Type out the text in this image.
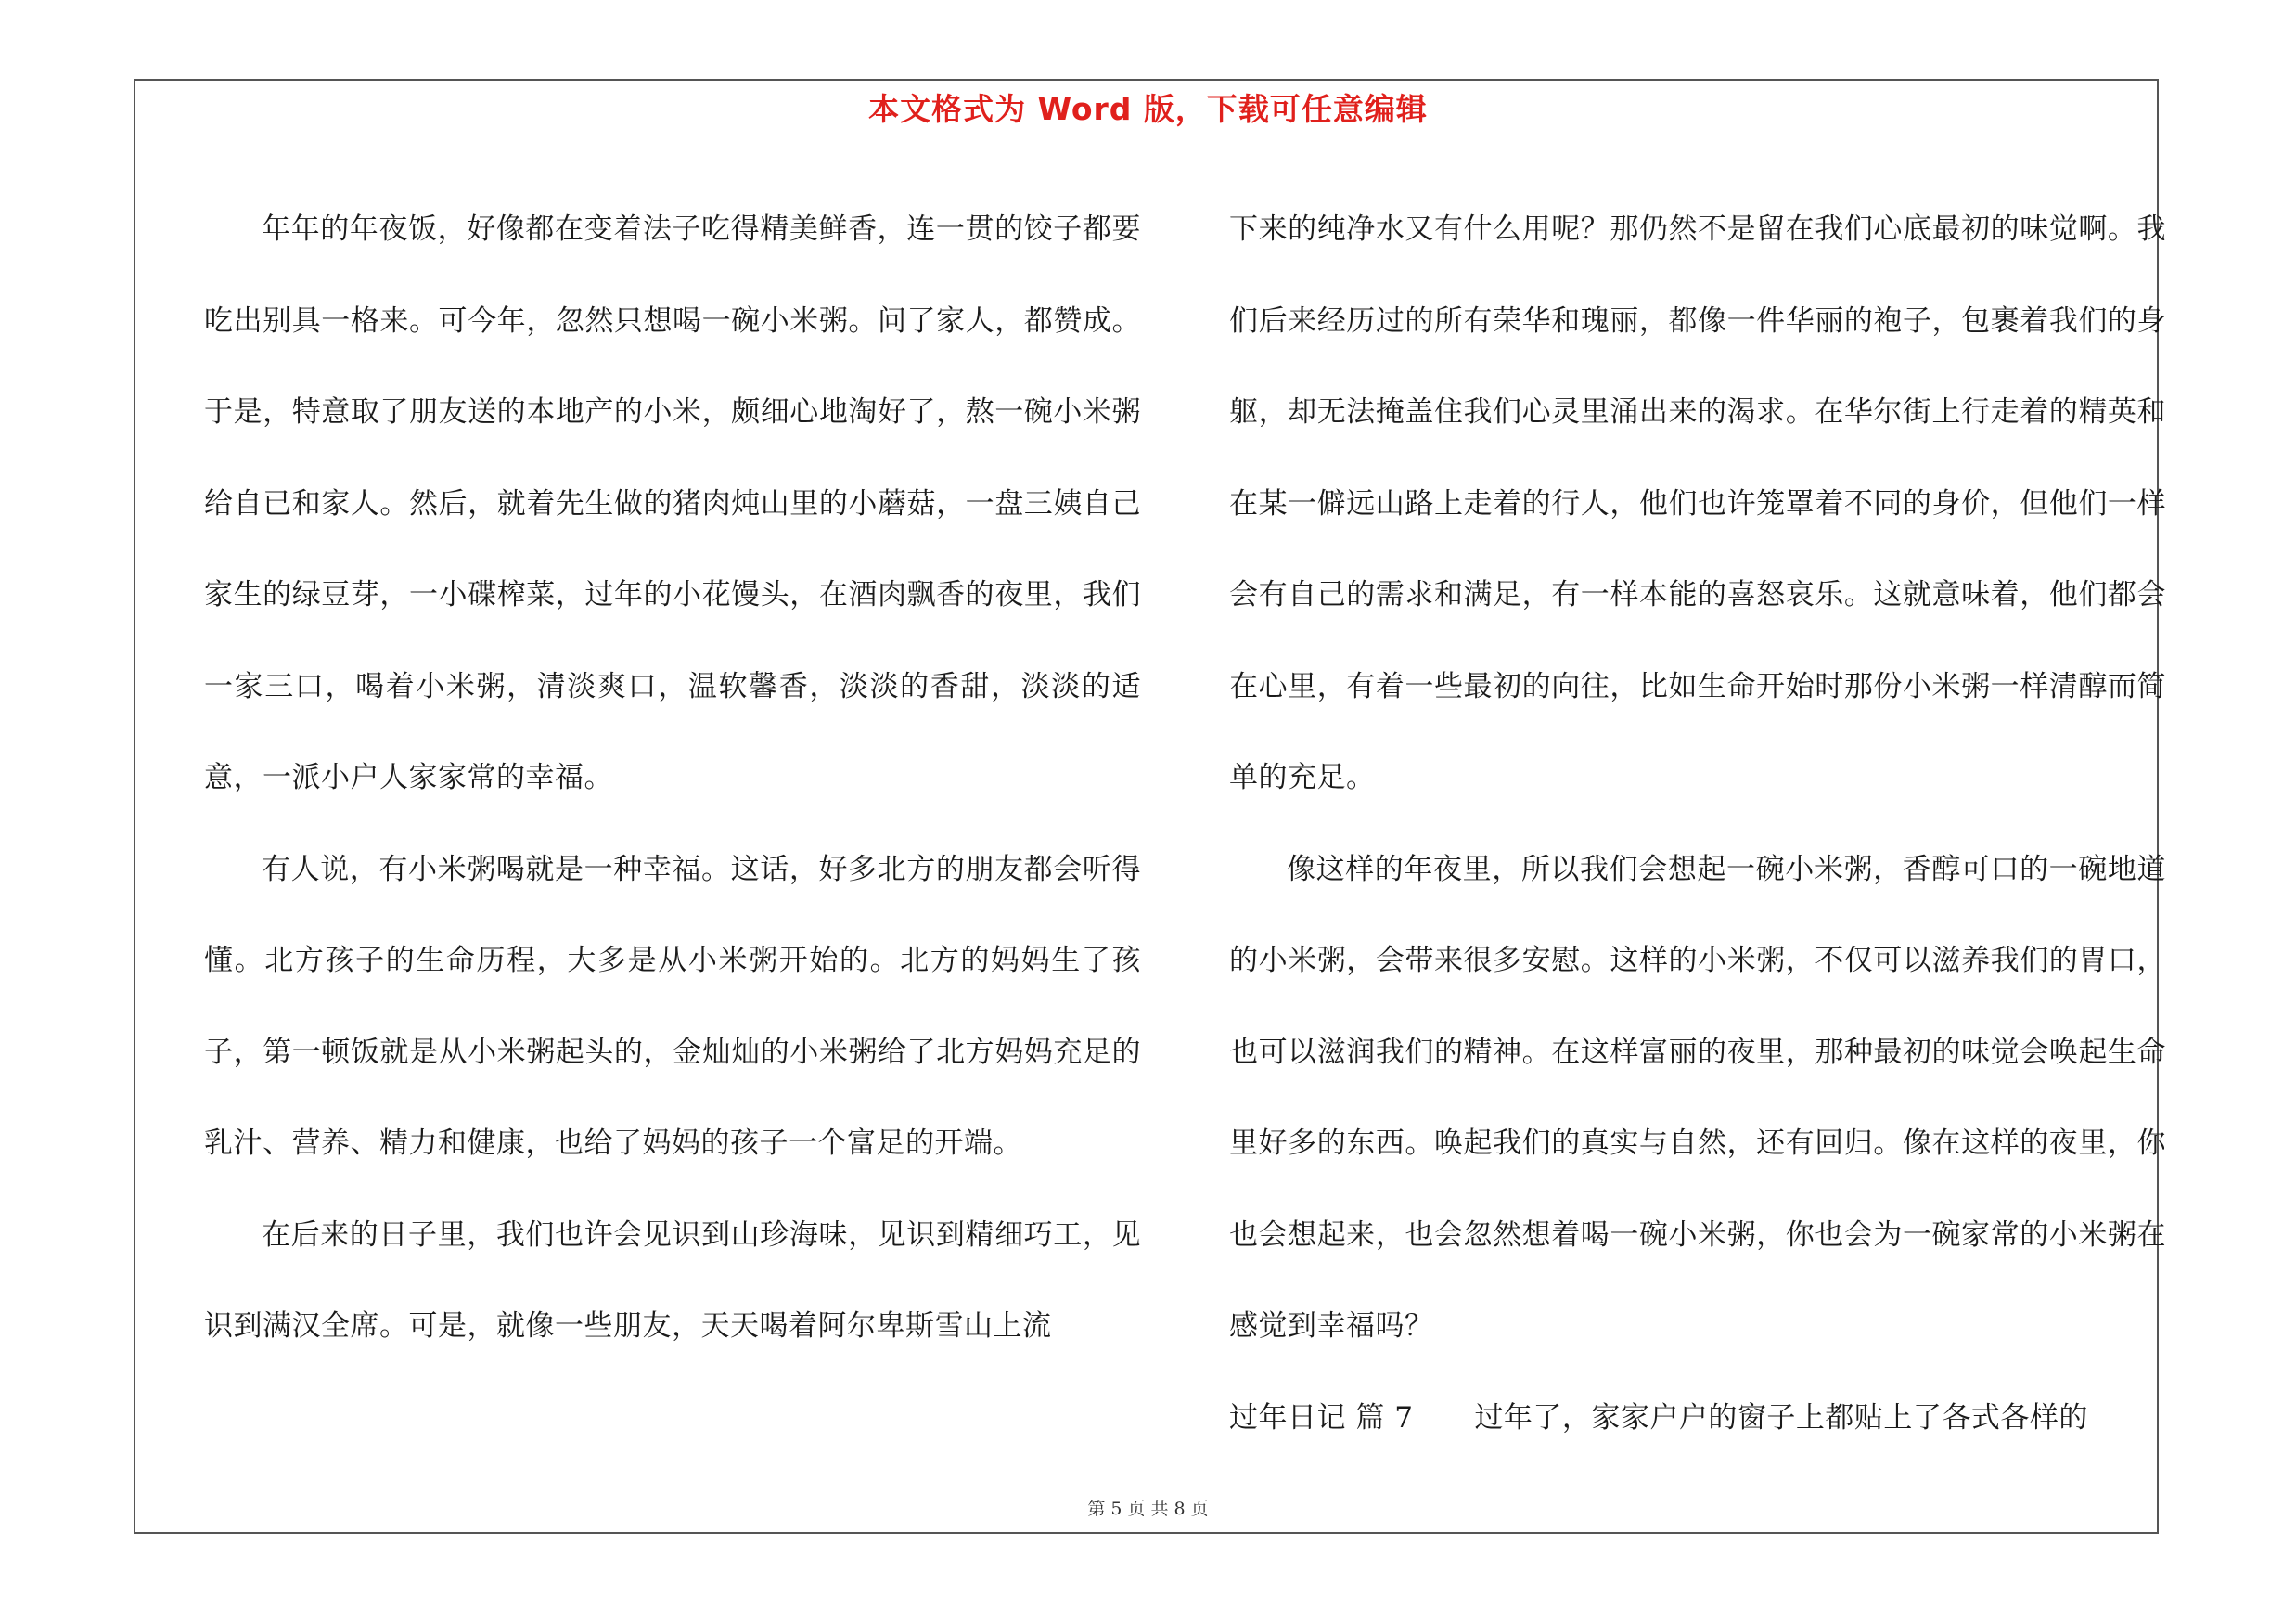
本文格式为 Word 版，下载可任意编辑

年年的年夜饭，好像都在变着法子吃得精美鲜香，连一贯的饺子都要吃出别具一格来。可今年，忽然只想喝一碗小米粥。问了家人，都赞成。于是，特意取了朋友送的本地产的小米，颇细心地淘好了，熬一碗小米粥给自已和家人。然后，就着先生做的猪肉炖山里的小蘑菇，一盘三姨自己家生的绿豆芽，一小碟榨菜，过年的小花馒头，在酒肉飘香的夜里，我们一家三口，喝着小米粥，清淡爽口，温软馨香，淡淡的香甜，淡淡的适意，一派小户人家家常的幸福。

有人说，有小米粥喝就是一种幸福。这话，好多北方的朋友都会听得懂。北方孩子的生命历程，大多是从小米粥开始的。北方的妈妈生了孩子，第一顿饭就是从小米粥起头的，金灿灿的小米粥给了北方妈妈充足的乳汁、营养、精力和健康，也给了妈妈的孩子一个富足的开端。

在后来的日子里，我们也许会见识到山珍海味，见识到精细巧工，见识到满汉全席。可是，就像一些朋友，天天喝着阿尔卑斯雪山上流

下来的纯净水又有什么用呢？那仍然不是留在我们心底最初的味觉啊。我们后来经历过的所有荣华和瑰丽，都像一件华丽的袍子，包裹着我们的身躯，却无法掩盖住我们心灵里涌出来的渴求。在华尔街上行走着的精英和在某一僻远山路上走着的行人，他们也许笼罩着不同的身价，但他们一样会有自己的需求和满足，有一样本能的喜怒哀乐。这就意味着，他们都会在心里，有着一些最初的向往，比如生命开始时那份小米粥一样清醇而简单的充足。

像这样的年夜里，所以我们会想起一碗小米粥，香醇可口的一碗地道的小米粥，会带来很多安慰。这样的小米粥，不仅可以滋养我们的胃口，也可以滋润我们的精神。在这样富丽的夜里，那种最初的味觉会唤起生命里好多的东西。唤起我们的真实与自然，还有回归。像在这样的夜里，你也会想起来，也会忽然想着喝一碗小米粥，你也会为一碗家常的小米粥在感觉到幸福吗？

过年日记 篇 7 过年了，家家户户的窗子上都贴上了各式各样的

第 5 页 共 8 页
